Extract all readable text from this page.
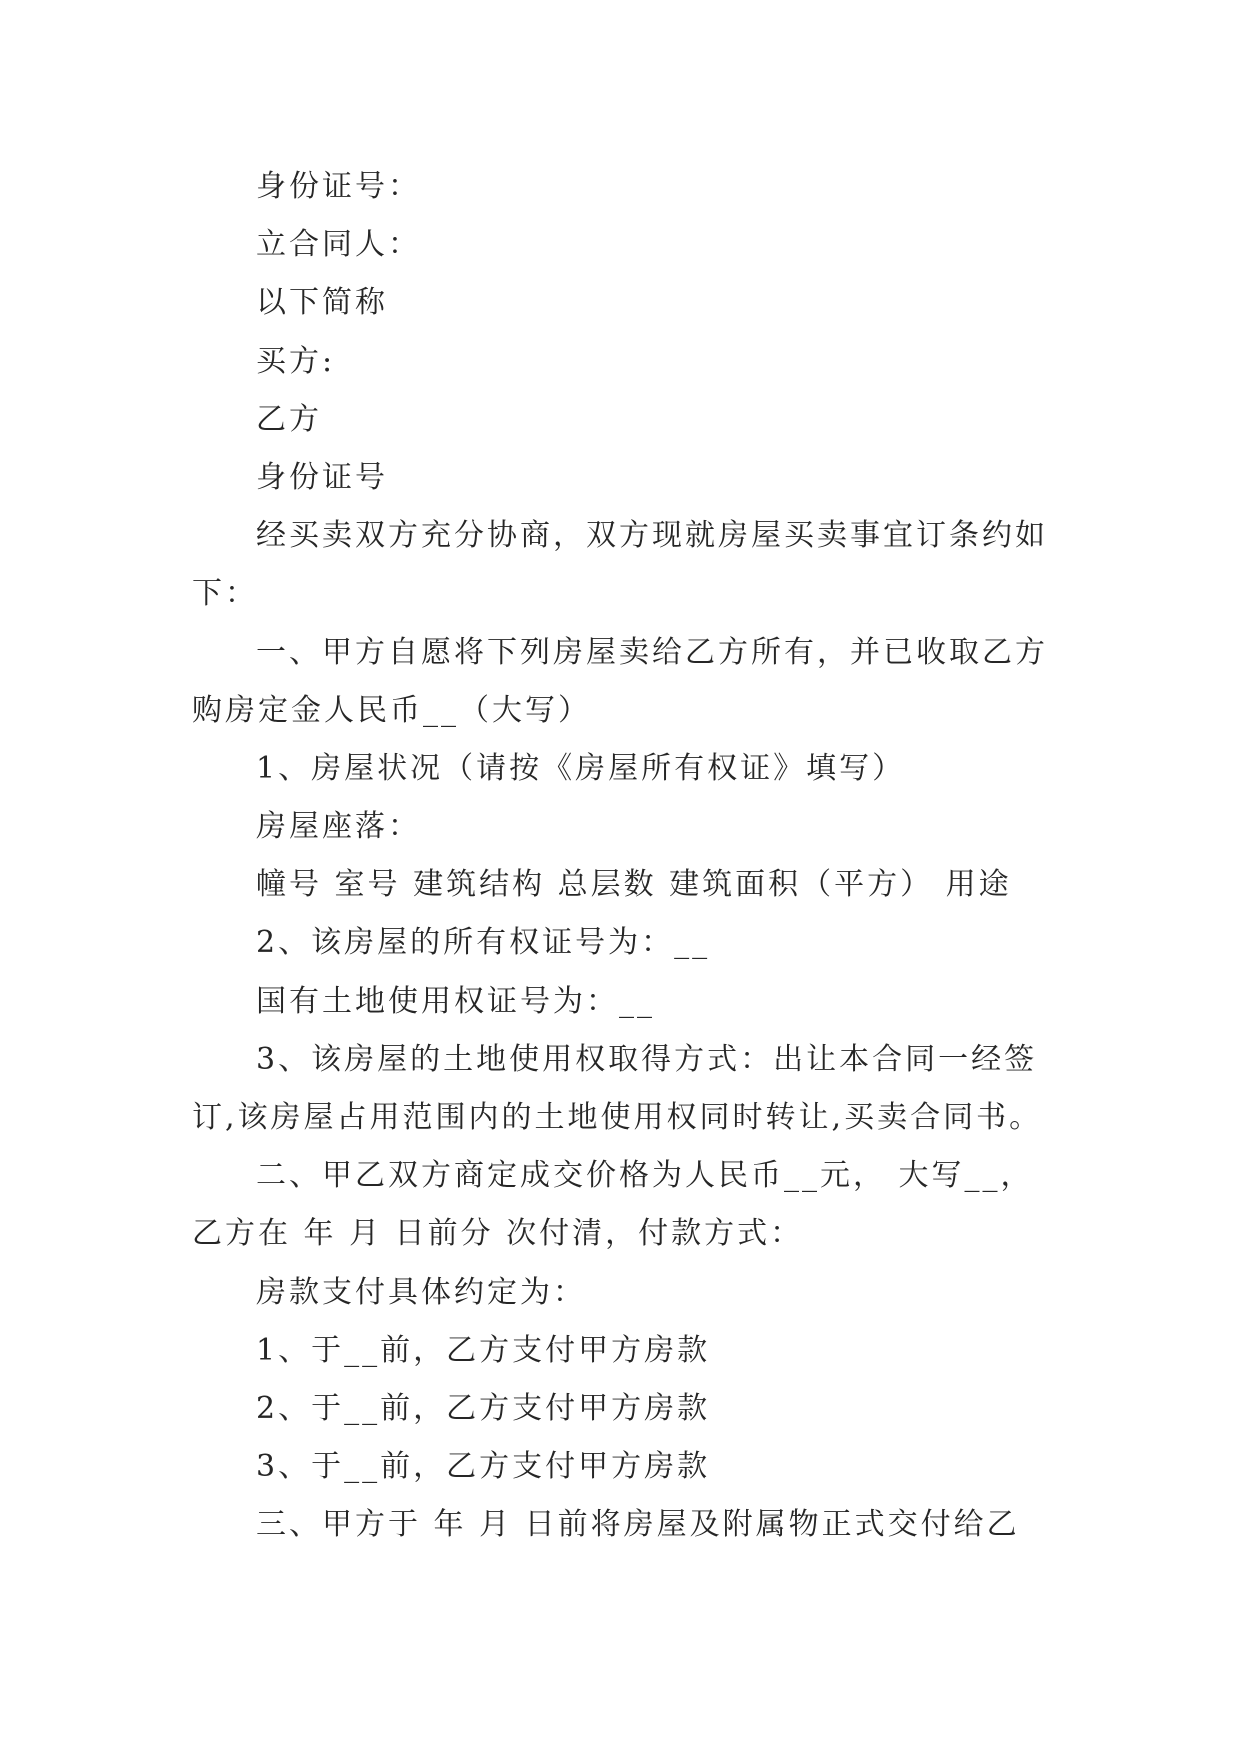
身份证号：

立合同人：

以下简称

买方:

乙方

身份证号

经买卖双方充分协商，双方现就房屋买卖事宜订条约如

下：

一、甲方自愿将下列房屋卖给乙方所有，并已收取乙方

购房定金人民币__（大写）

1、房屋状况（请按《房屋所有权证》填写）

房屋座落：

幢号 室号 建筑结构 总层数 建筑面积（平方） 用途

2、该房屋的所有权证号为：__

国有土地使用权证号为：__

3、该房屋的土地使用权取得方式：出让本合同一经签

订,该房屋占用范围内的土地使用权同时转让,买卖合同书。

二、甲乙双方商定成交价格为人民币__元， 大写__，

乙方在 年 月 日前分 次付清，付款方式：

房款支付具体约定为：

1、于__前，乙方支付甲方房款

2、于__前，乙方支付甲方房款

3、于__前，乙方支付甲方房款

三、甲方于 年 月 日前将房屋及附属物正式交付给乙
